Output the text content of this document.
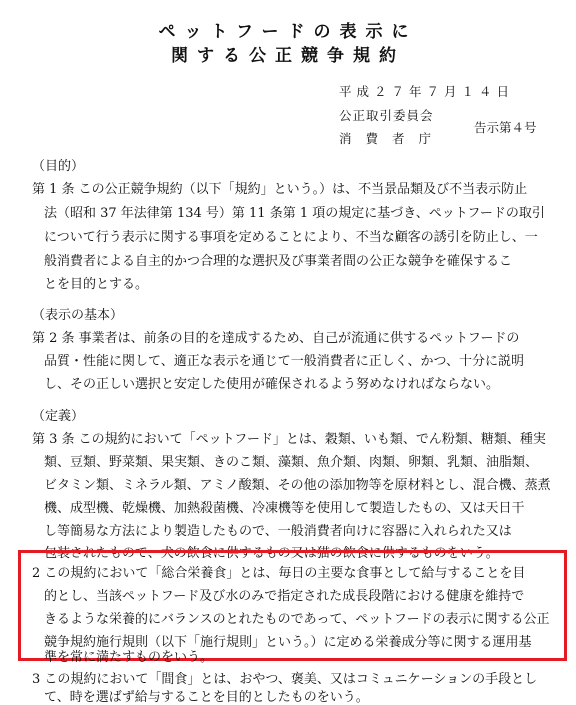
ペットフードの表示に
関する公正競争規約
平成２７年７月１４日
公正取引委員会
告示第４号
消費者庁
（目的）
第 1 条 この公正競争規約（以下「規約」という。）は、不当景品類及び不当表示防止
法（昭和 37 年法律第 134 号）第 11 条第 1 項の規定に基づき、ペットフードの取引
について行う表示に関する事項を定めることにより、不当な顧客の誘引を防止し、一
般消費者による自主的かつ合理的な選択及び事業者間の公正な競争を確保するこ
とを目的とする。
（表示の基本）
第 2 条 事業者は、前条の目的を達成するため、自己が流通に供するペットフードの
品質・性能に関して、適正な表示を通じて一般消費者に正しく、かつ、十分に説明
し、その正しい選択と安定した使用が確保されるよう努めなければならない。
（定義）
第 3 条 この規約において「ペットフード」とは、穀類、いも類、でん粉類、糖類、種実
類、豆類、野菜類、果実類、きのこ類、藻類、魚介類、肉類、卵類、乳類、油脂類、
ビタミン類、ミネラル類、アミノ酸類、その他の添加物等を原材料とし、混合機、蒸煮
機、成型機、乾燥機、加熱殺菌機、冷凍機等を使用して製造したもの、又は天日干
し等簡易な方法により製造したもので、一般消費者向けに容器に入れられた又は
包装されたもので、犬の飲食に供するもの又は猫の飲食に供するものをいう。
2 この規約において「総合栄養食」とは、毎日の主要な食事として給与することを目
的とし、当該ペットフード及び水のみで指定された成長段階における健康を維持で
きるような栄養的にバランスのとれたものであって、ペットフードの表示に関する公正
競争規約施行規則（以下「施行規則」という。）に定める栄養成分等に関する運用基
準を常に満たすものをいう。
3 この規約において「間食」とは、おやつ、褒美、又はコミュニケーションの手段とし
て、時を選ばず給与することを目的としたものをいう。
